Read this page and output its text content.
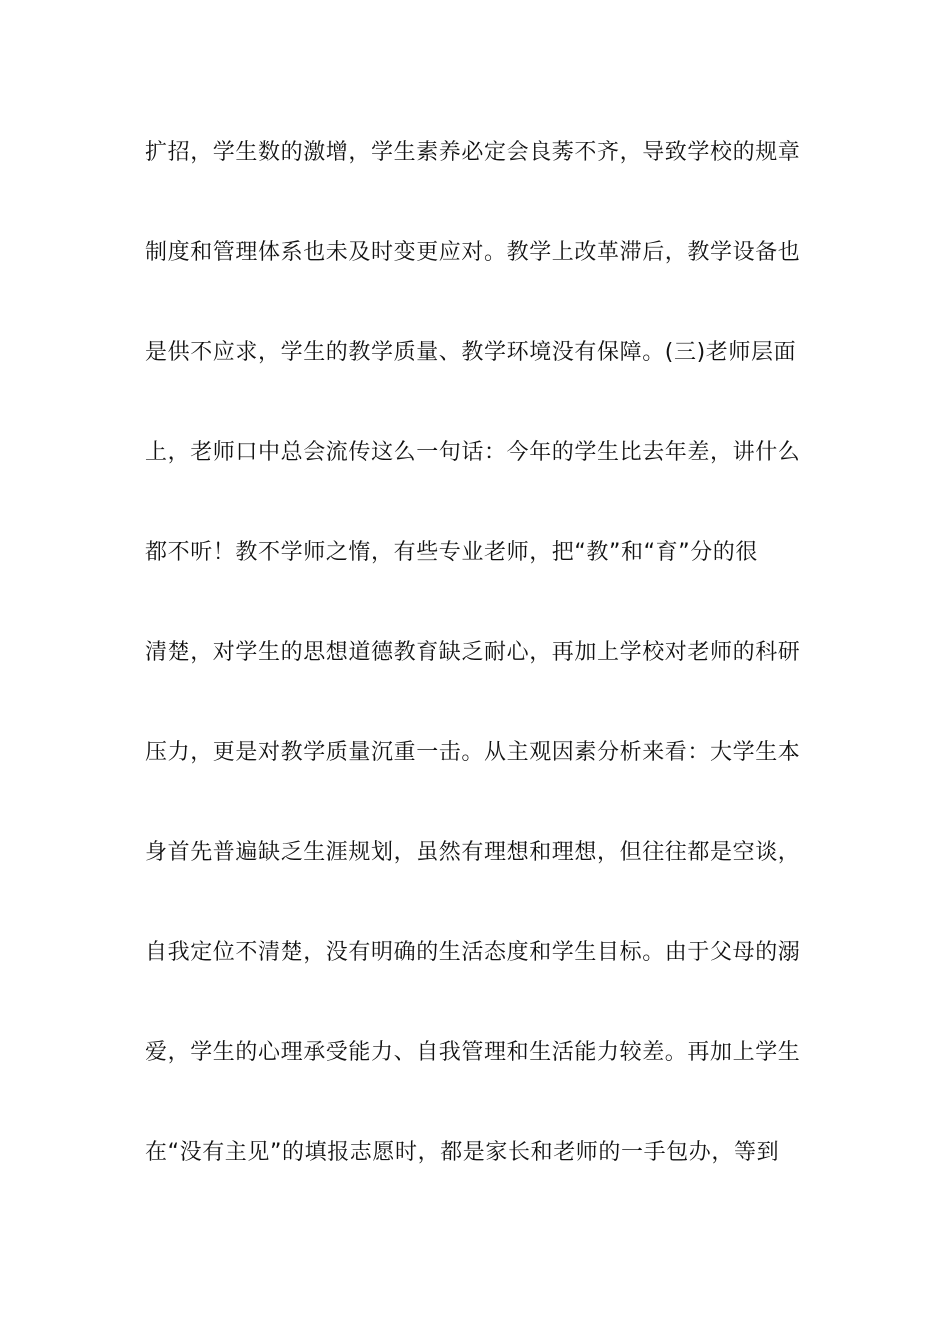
扩招，学生数的激增，学生素养必定会良莠不齐，导致学校的规章
制度和管理体系也未及时变更应对。教学上改革滞后，教学设备也
是供不应求，学生的教学质量、教学环境没有保障。(三)老师层面
上，老师口中总会流传这么一句话：今年的学生比去年差，讲什么
都不听！教不学师之惰，有些专业老师，把“教”和“育”分的很
清楚，对学生的思想道德教育缺乏耐心，再加上学校对老师的科研
压力，更是对教学质量沉重一击。从主观因素分析来看：大学生本
身首先普遍缺乏生涯规划，虽然有理想和理想，但往往都是空谈，
自我定位不清楚，没有明确的生活态度和学生目标。由于父母的溺
爱，学生的心理承受能力、自我管理和生活能力较差。再加上学生
在“没有主见”的填报志愿时，都是家长和老师的一手包办，等到
